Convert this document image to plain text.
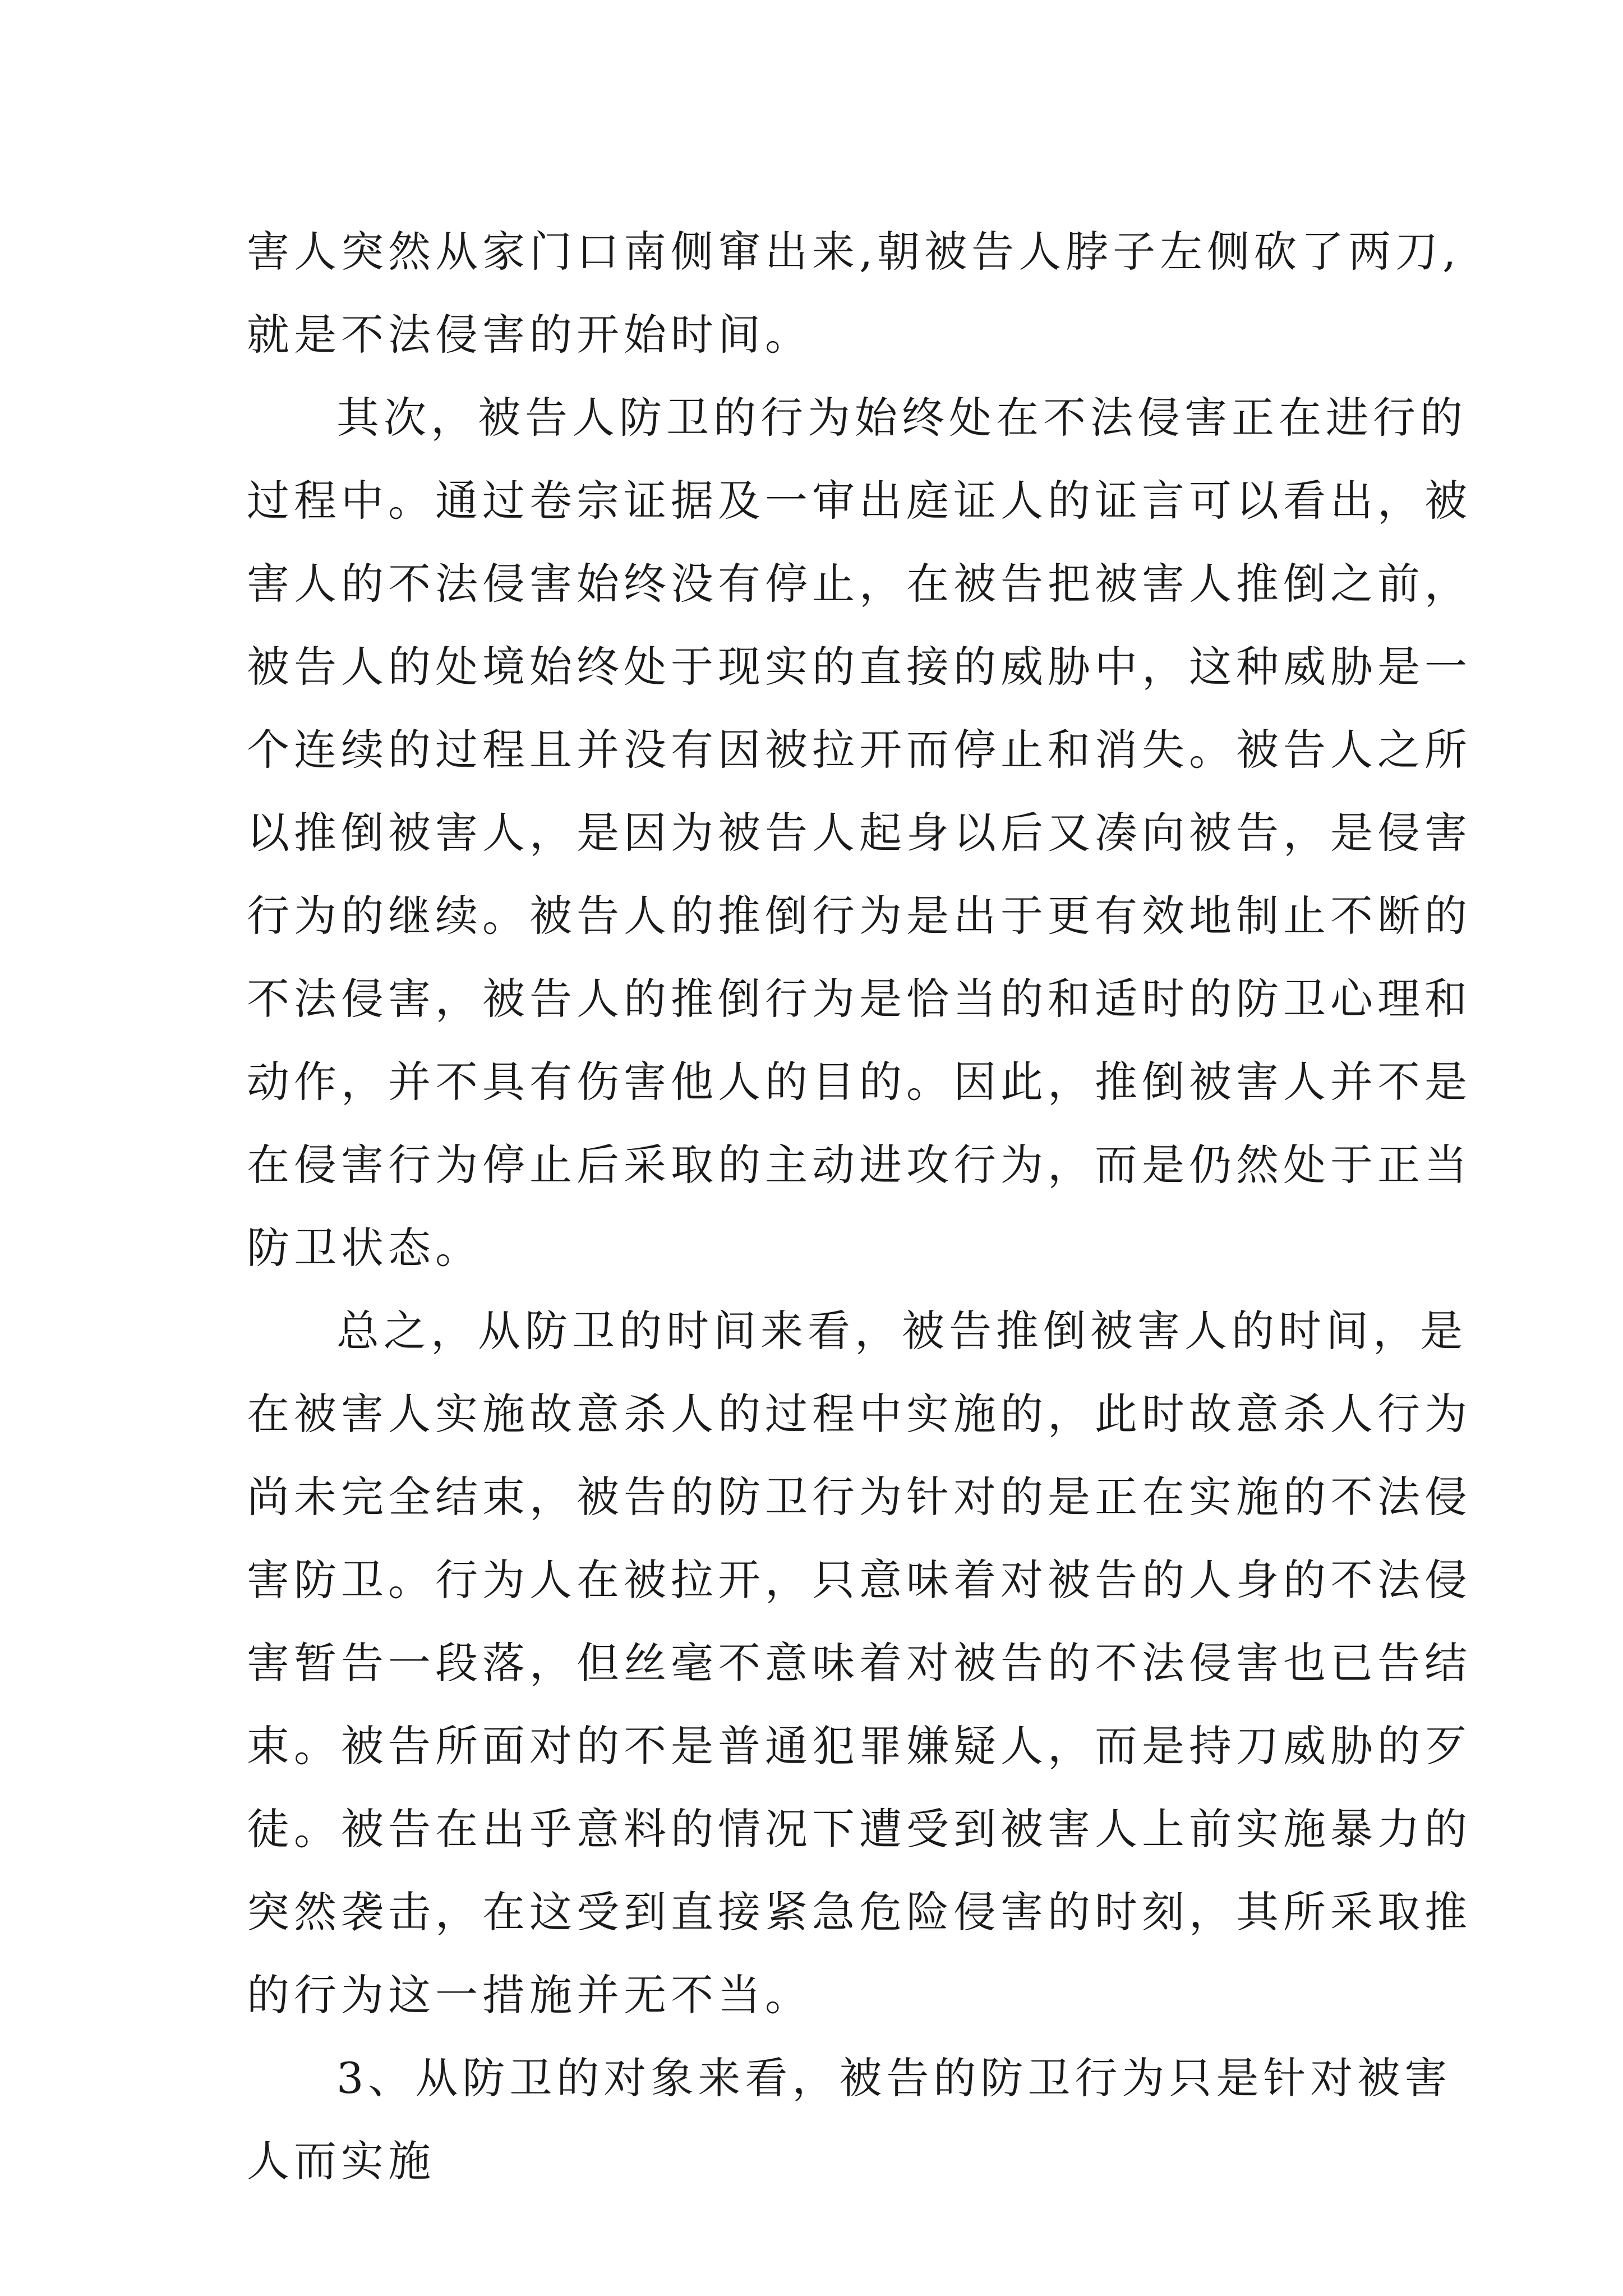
害人突然从家门口南侧窜出来,朝被告人脖子左侧砍了两刀,
就是不法侵害的开始时间。
其次，被告人防卫的行为始终处在不法侵害正在进行的
过程中。通过卷宗证据及一审出庭证人的证言可以看出，被
害人的不法侵害始终没有停止，在被告把被害人推倒之前，
被告人的处境始终处于现实的直接的威胁中，这种威胁是一
个连续的过程且并没有因被拉开而停止和消失。被告人之所
以推倒被害人，是因为被告人起身以后又凑向被告，是侵害
行为的继续。被告人的推倒行为是出于更有效地制止不断的
不法侵害，被告人的推倒行为是恰当的和适时的防卫心理和
动作，并不具有伤害他人的目的。因此，推倒被害人并不是
在侵害行为停止后采取的主动进攻行为，而是仍然处于正当
防卫状态。
总之，从防卫的时间来看，被告推倒被害人的时间，是
在被害人实施故意杀人的过程中实施的，此时故意杀人行为
尚未完全结束，被告的防卫行为针对的是正在实施的不法侵
害防卫。行为人在被拉开，只意味着对被告的人身的不法侵
害暂告一段落，但丝毫不意味着对被告的不法侵害也已告结
束。被告所面对的不是普通犯罪嫌疑人，而是持刀威胁的歹
徒。被告在出乎意料的情况下遭受到被害人上前实施暴力的
突然袭击，在这受到直接紧急危险侵害的时刻，其所采取推
的行为这一措施并无不当。
3、从防卫的对象来看，被告的防卫行为只是针对被害
人而实施
